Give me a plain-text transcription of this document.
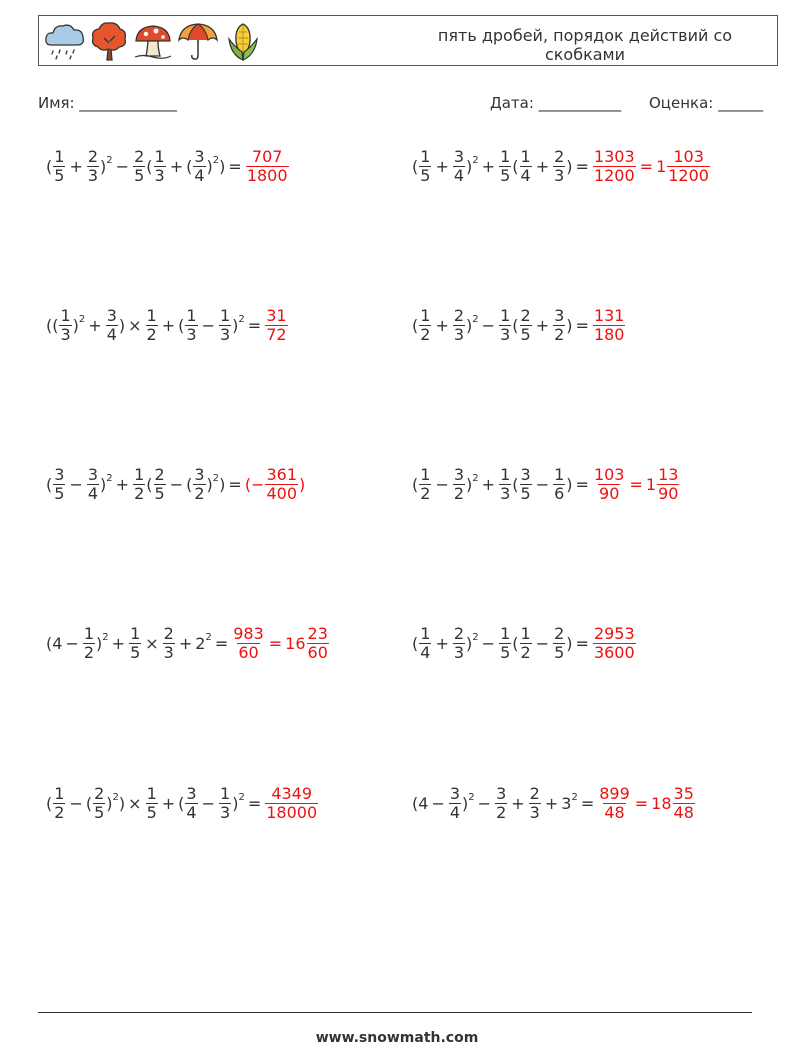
пять дробей, порядок действий со скобками
Имя: _____________	Дата: ___________ Оценка: ______
( $\frac{1}{5} + \frac{2}{3} )^2 - \frac{2}{5}$ ( $\frac{1}{3}$ + ( $\frac{3}{4} )^2) = \frac{707}{1800}$	( $\frac{1}{5} + \frac{3}{4} )^2 + \frac{1}{5}$ ( $\frac{1}{4} + \frac{2}{3}$ ) = $\frac{1303}{1200} = 1 \frac{103}{1200}$
(( $\frac{1}{3} )^2 + \frac{3}{4}$ ) × $\frac{1}{2}$ + ( $\frac{1}{3} - \frac{1}{3} )^2 = \frac{31}{72}$	( $\frac{1}{2} + \frac{2}{3} )^2 - \frac{1}{3}$ ( $\frac{2}{5} + \frac{3}{2}$ ) = $\frac{131}{180}$
( $\frac{3}{5} - \frac{3}{4} )^2 + \frac{1}{2}$ ( $\frac{2}{5}$ − ( $\frac{3}{2} )^2$) = (− $\frac{361}{400}$ )	( $\frac{1}{2} - \frac{3}{2} )^2 + \frac{1}{3}$ ( $\frac{3}{5} - \frac{1}{6}$ ) = $\frac{103}{90} = 1 \frac{13}{90}$
( $4 - \frac{1}{2} )^2 + \frac{1}{5} \times \frac{2}{3} + 2^2 = \frac{983}{60} = 16 \frac{23}{60}$	( $\frac{1}{4} + \frac{2}{3} )^2 - \frac{1}{5}$ ( $\frac{1}{2} - \frac{2}{5}$ ) = $\frac{2953}{3600}$
( $\frac{1}{2}$ − ( $\frac{2}{5} )^2) \times \frac{1}{5}$ + ( $\frac{3}{4} - \frac{1}{3} )^2 = \frac{4349}{18000}$	( $4 - \frac{3}{4} )^2 - \frac{3}{2} + \frac{2}{3} + 3^2 = \frac{899}{48} = 18 \frac{35}{48}$
www.snowmath.com
